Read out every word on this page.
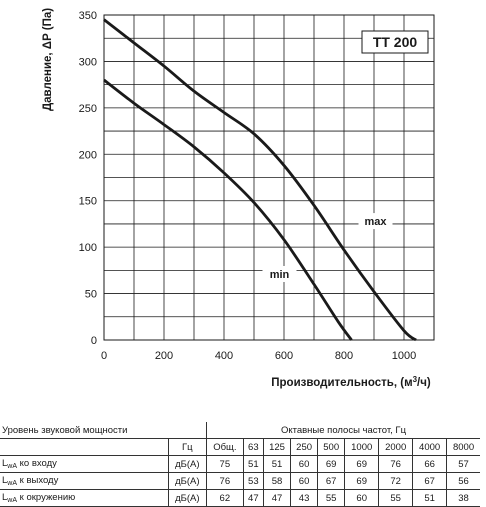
0	200	400	600	800	1000
0
50
100
150
200
250
300
350
max
min
TT 200
Производительность, $(м^3/ч)$
Давление, ΔP (Па)
Уровень звуковой мощности		Октавные полосы частот, Гц								
	Гц	Общ.	63	125	250	500	1000	2000	4000	8000
$L_{wA}$ ко входу	дБ(А)	75	51	51	60	69	69	76	66	57
$L_{wA}$ к выходу	дБ(А)	76	53	58	60	67	69	72	67	56
$L_{wA}$ к окружению	дБ(А)	62	47	47	43	55	60	55	51	38
